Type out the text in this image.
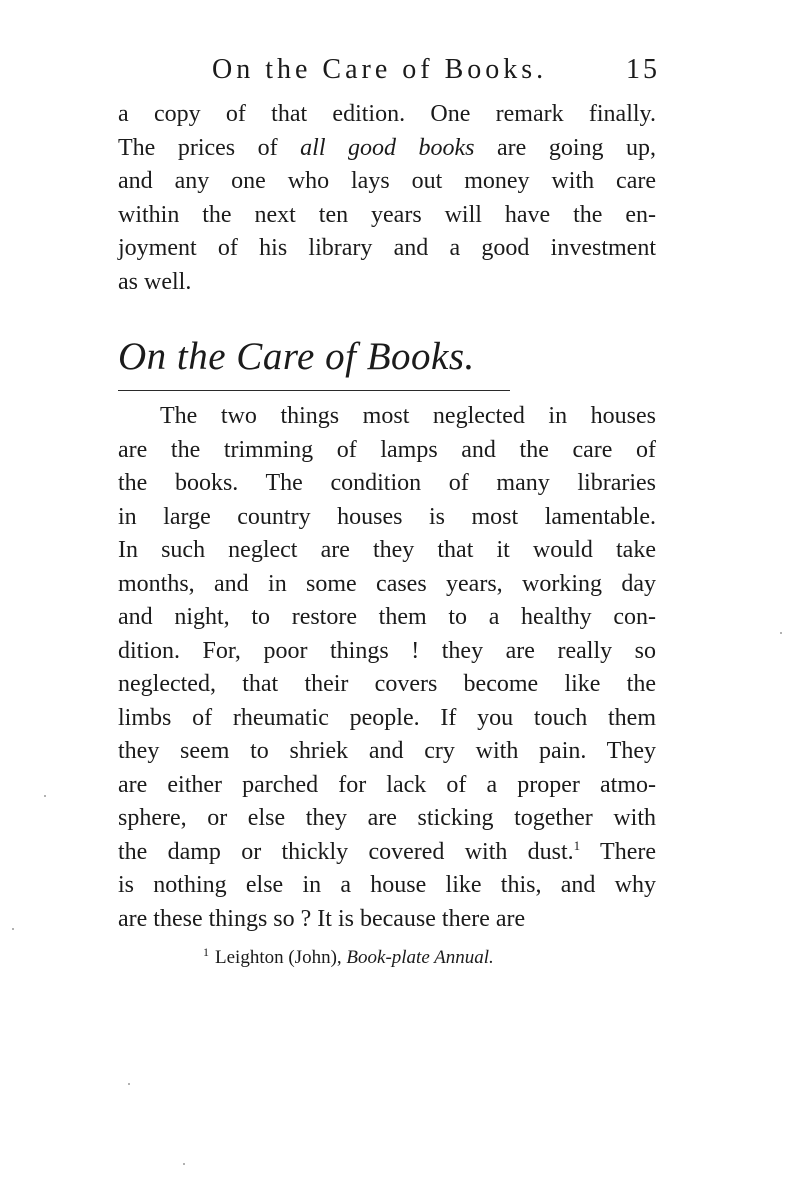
On the Care of Books.	15
a copy of that edition. One remark finally.
The prices of all good books are going up,
and any one who lays out money with care
within the next ten years will have the en-
joyment of his library and a good investment
as well.
On the Care of Books.
The two things most neglected in houses
are the trimming of lamps and the care of
the books. The condition of many libraries
in large country houses is most lamentable.
In such neglect are they that it would take
months, and in some cases years, working day
and night, to restore them to a healthy con-
dition. For, poor things ! they are really so
neglected, that their covers become like the
limbs of rheumatic people. If you touch them
they seem to shriek and cry with pain. They
are either parched for lack of a proper atmo-
sphere, or else they are sticking together with
the damp or thickly covered with dust.$^1$ There
is nothing else in a house like this, and why
are these things so ? It is because there are
$^1$ Leighton (John), Book-plate Annual.
